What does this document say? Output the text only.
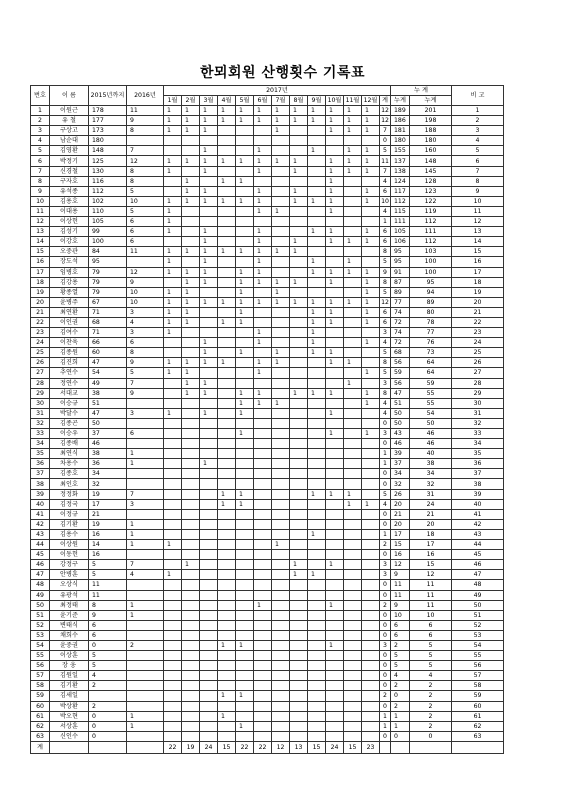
한뫼회원 산행횟수 기록표
번호	이 름	2015년까지	2016년	2017년													누 계		비 고
				1월	2월	3월	4월	5월	6월	7월	8월	9월	10월	11월	12월	계	누계	누계	
1	이원근	178	11	1	1	1	1	1	1	1	1	1	1	1	1	12	189	201	1
2	유 철	177	9	1	1	1	1	1	1	1	1	1	1	1	1	12	186	198	2
3	구상고	173	8	1	1	1				1			1	1	1	7	181	188	3
4	남순대	180														0	180	180	4
5	김영환	148	7			1			1			1		1	1	5	155	160	5
6	박정기	125	12	1	1	1	1	1	1	1	1		1	1	1	11	137	148	6
7	신경철	130	8	1		1			1		1		1	1	1	7	138	145	7
8	구자호	116	8		1		1	1					1			4	124	128	8
9	유석종	112	5		1	1			1		1		1		1	6	117	123	9
10	김용호	102	10	1	1	1	1	1	1		1	1	1		1	10	112	122	10
11	이대용	110	5	1					1	1			1			4	115	119	11
12	이상헌	105	6	1												1	111	112	12
13	김성기	99	6	1		1			1			1	1		1	6	105	111	13
14	이강호	100	6			1			1		1		1	1	1	6	106	112	14
15	오중관	84	11	1	1	1	1	1	1	1	1					8	95	103	15
16	장도석	95		1		1			1			1		1		5	95	100	16
17	임병호	79	12	1	1	1		1	1			1	1	1	1	9	91	100	17
18	김강용	79	9		1	1		1	1	1	1		1		1	8	87	95	18
19	황종열	79	10	1	1			1		1					1	5	89	94	19
20	윤병주	67	10	1	1	1	1	1	1	1	1	1	1	1	1	12	77	89	20
21	최연환	71	3	1	1			1				1	1		1	6	74	80	21
22	이인권	68	4	1	1		1	1				1	1		1	6	72	78	22
23	김여수	71	3	1					1			1				3	74	77	23
24	이찬욱	66	6			1			1			1			1	4	72	76	24
25	김종원	60	8			1		1		1		1	1			5	68	73	25
26	김진희	47	9	1	1	1	1		1	1			1	1		8	56	64	26
27	추연수	54	5	1	1				1						1	5	59	64	27
28	정연수	49	7		1	1								1		3	56	59	28
29	서대교	38	9		1	1		1	1		1	1	1		1	8	47	55	29
30	이승규	51						1	1	1					1	4	51	55	30
31	박달수	47	3	1		1		1					1			4	50	54	31
32	김종곤	50														0	50	50	32
33	이승우	37	6					1					1		1	3	43	46	33
34	김종배	46														0	46	46	34
35	최연식	38	1													1	39	40	35
36	차용수	36	1			1										1	37	38	36
37	김종호	34														0	34	34	37
38	최인호	32														0	32	32	38
39	정정화	19	7				1	1				1	1	1		5	26	31	39
40	김정국	17	3				1	1						1	1	4	20	24	40
41	이정규	21														0	21	21	41
42	김기환	19	1													0	20	20	42
43	김용수	16	1									1				1	17	18	43
44	이상원	14	1	1						1						2	15	17	44
45	이동헌	16														0	16	16	45
46	강정구	5	7		1						1		1			3	12	15	46
47	안병훈	5	4	1							1	1				3	9	12	47
48	오상식	11														0	11	11	48
49	유광석	11														0	11	11	49
50	최정태	8	1						1				1			2	9	11	50
51	윤기준	9	1													0	10	10	51
52	변태식	6														0	6	6	52
53	채희수	6														0	6	6	53
54	윤중권	0	2				1	1					1			3	2	5	54
55	이상훈	5														0	5	5	55
56	장 웅	5														0	5	5	56
57	김원일	4														0	4	4	57
58	김기환	2														0	2	2	58
59	김세일						1	1								2	0	2	59
60	박상환	2														0	2	2	60
61	박오현	0	1				1									1	1	2	61
62	서상훈	0	1					1								1	1	2	62
63	신인수	0														0	0	0	63
계				22	19	24	15	22	22	12	13	15	24	15	23				
